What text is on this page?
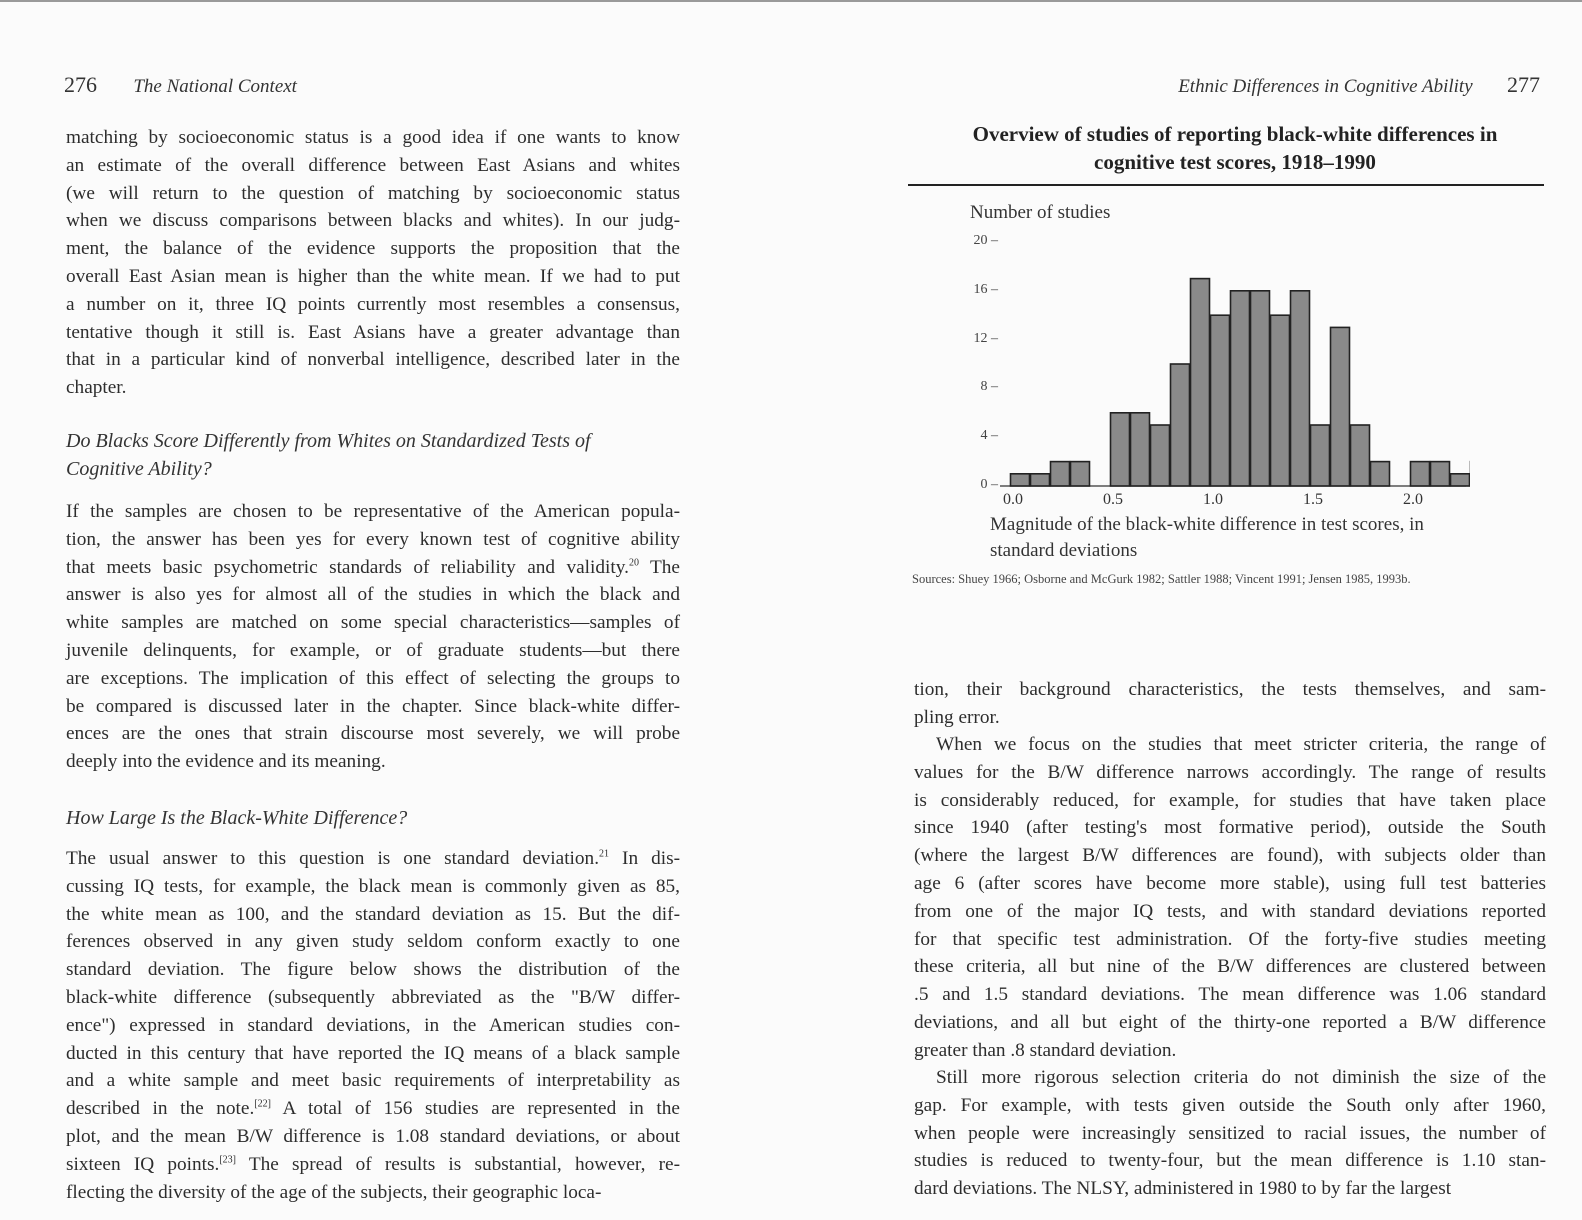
276 The National Context

matching by socioeconomic status is a good idea if one wants to know

an estimate of the overall difference between East Asians and whites

(we will return to the question of matching by socioeconomic status

when we discuss comparisons between blacks and whites). In our judg-

ment, the balance of the evidence supports the proposition that the

overall East Asian mean is higher than the white mean. If we had to put

a number on it, three IQ points currently most resembles a consensus,

tentative though it still is. East Asians have a greater advantage than

that in a particular kind of nonverbal intelligence, described later in the

chapter.

Do Blacks Score Differently from Whites on Standardized Tests of
Cognitive Ability?

If the samples are chosen to be representative of the American popula-

tion, the answer has been yes for every known test of cognitive ability

that meets basic psychometric standards of reliability and validity.$^{20}$ The

answer is also yes for almost all of the studies in which the black and

white samples are matched on some special characteristics—samples of

juvenile delinquents, for example, or of graduate students—but there

are exceptions. The implication of this effect of selecting the groups to

be compared is discussed later in the chapter. Since black-white differ-

ences are the ones that strain discourse most severely, we will probe

deeply into the evidence and its meaning.

How Large Is the Black-White Difference?

The usual answer to this question is one standard deviation.$^{21}$ In dis-

cussing IQ tests, for example, the black mean is commonly given as 85,

the white mean as 100, and the standard deviation as 15. But the dif-

ferences observed in any given study seldom conform exactly to one

standard deviation. The figure below shows the distribution of the

black-white difference (subsequently abbreviated as the "B/W differ-

ence") expressed in standard deviations, in the American studies con-

ducted in this century that have reported the IQ means of a black sample

and a white sample and meet basic requirements of interpretability as

described in the note.[22] A total of 156 studies are represented in the

plot, and the mean B/W difference is 1.08 standard deviations, or about

sixteen IQ points.[23] The spread of results is substantial, however, re-

flecting the diversity of the age of the subjects, their geographic loca-

Ethnic Differences in Cognitive Ability 277
Overview of studies of reporting black-white differences in
cognitive test scores, 1918–1990
Number of studies
0 –
4 –
8 –
12 –
16 –
20 –
0.0	0.5	1.0	1.5	2.0
Magnitude of the black-white difference in test scores, in standard deviations
Sources: Shuey 1966; Osborne and McGurk 1982; Sattler 1988; Vincent 1991; Jensen 1985, 1993b.

tion, their background characteristics, the tests themselves, and sam-

pling error.

When we focus on the studies that meet stricter criteria, the range of

values for the B/W difference narrows accordingly. The range of results

is considerably reduced, for example, for studies that have taken place

since 1940 (after testing's most formative period), outside the South

(where the largest B/W differences are found), with subjects older than

age 6 (after scores have become more stable), using full test batteries

from one of the major IQ tests, and with standard deviations reported

for that specific test administration. Of the forty-five studies meeting

these criteria, all but nine of the B/W differences are clustered between

.5 and 1.5 standard deviations. The mean difference was 1.06 standard

deviations, and all but eight of the thirty-one reported a B/W difference

greater than .8 standard deviation.

Still more rigorous selection criteria do not diminish the size of the

gap. For example, with tests given outside the South only after 1960,

when people were increasingly sensitized to racial issues, the number of

studies is reduced to twenty-four, but the mean difference is 1.10 stan-

dard deviations. The NLSY, administered in 1980 to by far the largest
